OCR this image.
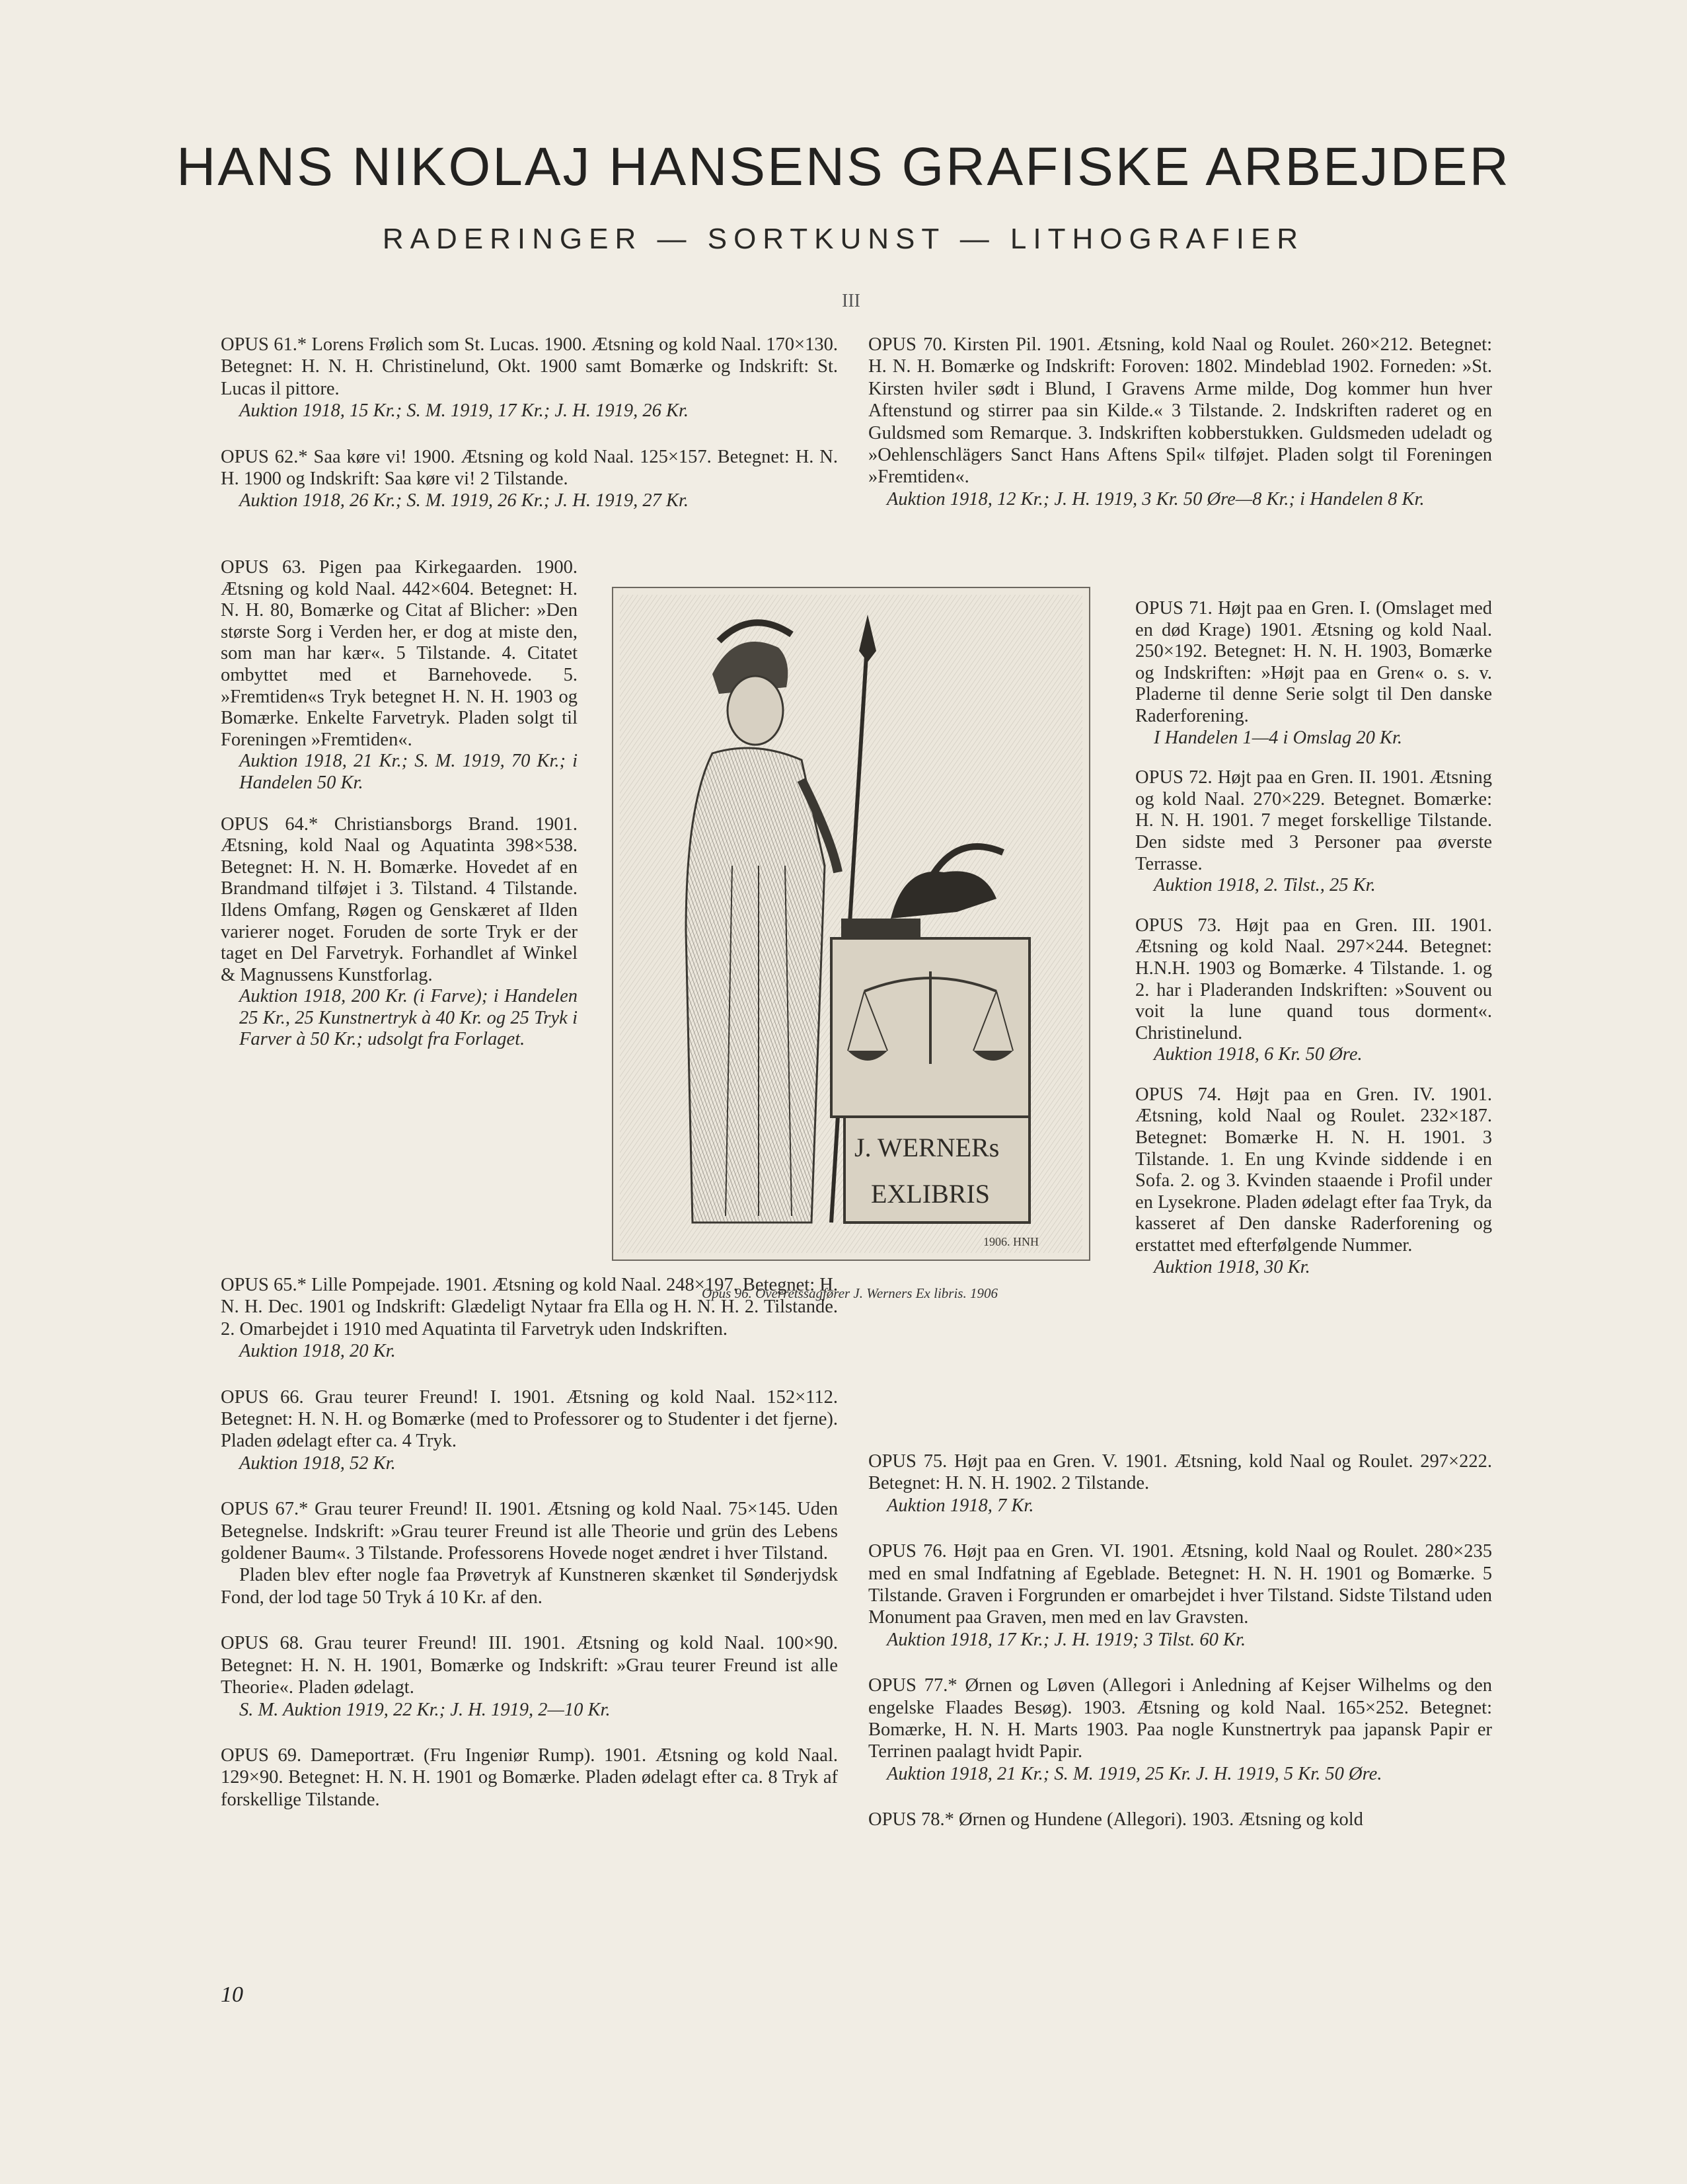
HANS NIKOLAJ HANSENS GRAFISKE ARBEJDER
RADERINGER — SORTKUNST — LITHOGRAFIER
III

OPUS 61.* Lorens Frølich som St. Lucas. 1900. Ætsning og kold Naal. 170×130. Betegnet: H. N. H. Christinelund, Okt. 1900 samt Bomærke og Indskrift: St. Lucas il pittore.

Auktion 1918, 15 Kr.; S. M. 1919, 17 Kr.; J. H. 1919, 26 Kr.

OPUS 62.* Saa køre vi! 1900. Ætsning og kold Naal. 125×157. Betegnet: H. N. H. 1900 og Indskrift: Saa køre vi! 2 Tilstande.

Auktion 1918, 26 Kr.; S. M. 1919, 26 Kr.; J. H. 1919, 27 Kr.

OPUS 63. Pigen paa Kirkegaarden. 1900. Ætsning og kold Naal. 442×604. Betegnet: H. N. H. 80, Bomærke og Citat af Blicher: »Den største Sorg i Verden her, er dog at miste den, som man har kær«. 5 Tilstande. 4. Citatet ombyttet med et Barnehovede. 5. »Fremtiden«s Tryk betegnet H. N. H. 1903 og Bomærke. Enkelte Farvetryk. Pladen solgt til Foreningen »Fremtiden«.

Auktion 1918, 21 Kr.; S. M. 1919, 70 Kr.; i Handelen 50 Kr.

OPUS 64.* Christiansborgs Brand. 1901. Ætsning, kold Naal og Aquatinta 398×538. Betegnet: H. N. H. Bomærke. Hovedet af en Brandmand tilføjet i 3. Tilstand. 4 Tilstande. Ildens Omfang, Røgen og Genskæret af Ilden varierer noget. Foruden de sorte Tryk er der taget en Del Farvetryk. Forhandlet af Winkel & Magnussens Kunstforlag.

Auktion 1918, 200 Kr. (i Farve); i Handelen 25 Kr., 25 Kunstnertryk à 40 Kr. og 25 Tryk i Farver à 50 Kr.; udsolgt fra Forlaget.

J. WERNERs
EXLIBRIS
1906. HNH
Opus 96. Overretssagfører J. Werners Ex libris. 1906

OPUS 65.* Lille Pompejade. 1901. Ætsning og kold Naal. 248×197. Betegnet: H. N. H. Dec. 1901 og Indskrift: Glædeligt Nytaar fra Ella og H. N. H. 2. Tilstande. 2. Omarbejdet i 1910 med Aquatinta til Farvetryk uden Indskriften.

Auktion 1918, 20 Kr.

OPUS 66. Grau teurer Freund! I. 1901. Ætsning og kold Naal. 152×112. Betegnet: H. N. H. og Bomærke (med to Professorer og to Studenter i det fjerne). Pladen ødelagt efter ca. 4 Tryk.

Auktion 1918, 52 Kr.

OPUS 67.* Grau teurer Freund! II. 1901. Ætsning og kold Naal. 75×145. Uden Betegnelse. Indskrift: »Grau teurer Freund ist alle Theorie und grün des Lebens goldener Baum«. 3 Tilstande. Professorens Hovede noget ændret i hver Tilstand.

Pladen blev efter nogle faa Prøvetryk af Kunstneren skænket til Sønderjydsk Fond, der lod tage 50 Tryk á 10 Kr. af den.

OPUS 68. Grau teurer Freund! III. 1901. Ætsning og kold Naal. 100×90. Betegnet: H. N. H. 1901, Bomærke og Indskrift: »Grau teurer Freund ist alle Theorie«. Pladen ødelagt.

S. M. Auktion 1919, 22 Kr.; J. H. 1919, 2—10 Kr.

OPUS 69. Dameportræt. (Fru Ingeniør Rump). 1901. Ætsning og kold Naal. 129×90. Betegnet: H. N. H. 1901 og Bomærke. Pladen ødelagt efter ca. 8 Tryk af forskellige Tilstande.

OPUS 70. Kirsten Pil. 1901. Ætsning, kold Naal og Roulet. 260×212. Betegnet: H. N. H. Bomærke og Indskrift: Foroven: 1802. Mindeblad 1902. Forneden: »St. Kirsten hviler sødt i Blund, I Gravens Arme milde, Dog kommer hun hver Aftenstund og stirrer paa sin Kilde.« 3 Tilstande. 2. Indskriften raderet og en Guldsmed som Remarque. 3. Indskriften kobberstukken. Guldsmeden udeladt og »Oehlenschlägers Sanct Hans Aftens Spil« tilføjet. Pladen solgt til Foreningen »Fremtiden«.

Auktion 1918, 12 Kr.; J. H. 1919, 3 Kr. 50 Øre—8 Kr.; i Handelen 8 Kr.

OPUS 71. Højt paa en Gren. I. (Omslaget med en død Krage) 1901. Ætsning og kold Naal. 250×192. Betegnet: H. N. H. 1903, Bomærke og Indskriften: »Højt paa en Gren« o. s. v. Pladerne til denne Serie solgt til Den danske Raderforening.

I Handelen 1—4 i Omslag 20 Kr.

OPUS 72. Højt paa en Gren. II. 1901. Ætsning og kold Naal. 270×229. Betegnet. Bomærke: H. N. H. 1901. 7 meget forskellige Tilstande. Den sidste med 3 Personer paa øverste Terrasse.

Auktion 1918, 2. Tilst., 25 Kr.

OPUS 73. Højt paa en Gren. III. 1901. Ætsning og kold Naal. 297×244. Betegnet: H.N.H. 1903 og Bomærke. 4 Tilstande. 1. og 2. har i Pladeranden Indskriften: »Souvent ou voit la lune quand tous dorment«. Christinelund.

Auktion 1918, 6 Kr. 50 Øre.

OPUS 74. Højt paa en Gren. IV. 1901. Ætsning, kold Naal og Roulet. 232×187. Betegnet: Bomærke H. N. H. 1901. 3 Tilstande. 1. En ung Kvinde siddende i en Sofa. 2. og 3. Kvinden staaende i Profil under en Lysekrone. Pladen ødelagt efter faa Tryk, da kasseret af Den danske Raderforening og erstattet med efterfølgende Nummer.

Auktion 1918, 30 Kr.

OPUS 75. Højt paa en Gren. V. 1901. Ætsning, kold Naal og Roulet. 297×222. Betegnet: H. N. H. 1902. 2 Tilstande.

Auktion 1918, 7 Kr.

OPUS 76. Højt paa en Gren. VI. 1901. Ætsning, kold Naal og Roulet. 280×235 med en smal Indfatning af Egeblade. Betegnet: H. N. H. 1901 og Bomærke. 5 Tilstande. Graven i Forgrunden er omarbejdet i hver Tilstand. Sidste Tilstand uden Monument paa Graven, men med en lav Gravsten.

Auktion 1918, 17 Kr.; J. H. 1919; 3 Tilst. 60 Kr.

OPUS 77.* Ørnen og Løven (Allegori i Anledning af Kejser Wilhelms og den engelske Flaades Besøg). 1903. Ætsning og kold Naal. 165×252. Betegnet: Bomærke, H. N. H. Marts 1903. Paa nogle Kunstnertryk paa japansk Papir er Terrinen paalagt hvidt Papir.

Auktion 1918, 21 Kr.; S. M. 1919, 25 Kr. J. H. 1919, 5 Kr. 50 Øre.

OPUS 78.* Ørnen og Hundene (Allegori). 1903. Ætsning og kold

10
